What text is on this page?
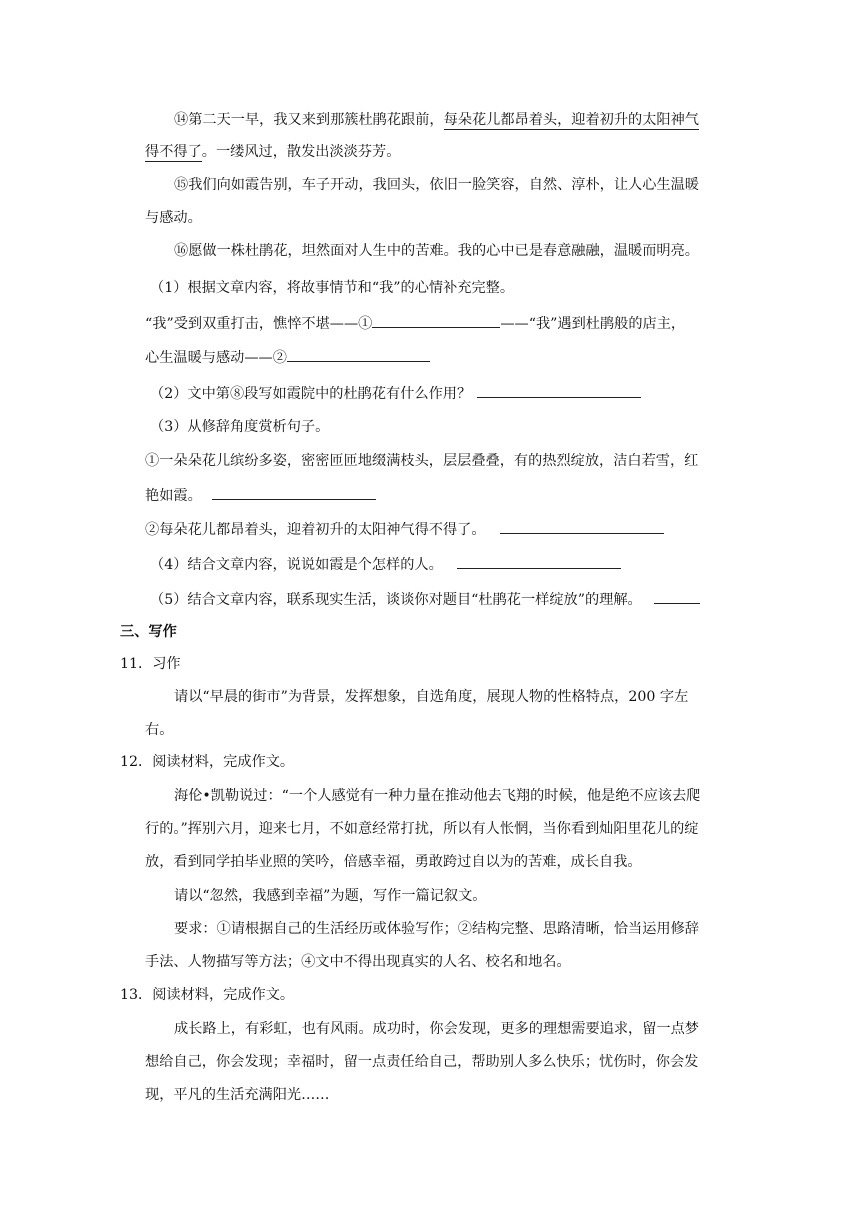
⑭第二天一早，我又来到那簇杜鹃花跟前，每朵花儿都昂着头，迎着初升的太阳神气
得不得了。一缕风过，散发出淡淡芬芳。
⑮我们向如霞告别，车子开动，我回头，依旧一脸笑容，自然、淳朴，让人心生温暖
与感动。
⑯愿做一株杜鹃花，坦然面对人生中的苦难。我的心中已是春意融融，温暖而明亮。
（1）根据文章内容，将故事情节和“我”的心情补充完整。
“我”受到双重打击，憔悴不堪——①	——“我”遇到杜鹃般的店主，
心生温暖与感动——②
（2）文中第⑧段写如霞院中的杜鹃花有什么作用？
（3）从修辞角度赏析句子。
①一朵朵花儿缤纷多姿，密密匝匝地缀满枝头，层层叠叠，有的热烈绽放，洁白若雪，红
艳如霞。
②每朵花儿都昂着头，迎着初升的太阳神气得不得了。
（4）结合文章内容，说说如霞是个怎样的人。
（5）结合文章内容，联系现实生活，谈谈你对题目“杜鹃花一样绽放”的理解。
三、写作
11．习作
请以“早晨的街市”为背景，发挥想象，自选角度，展现人物的性格特点，200 字左
右。
12．阅读材料，完成作文。
海伦•凯勒说过：“一个人感觉有一种力量在推动他去飞翔的时候，他是绝不应该去爬
行的。”挥别六月，迎来七月，不如意经常打扰，所以有人怅惘，当你看到灿阳里花儿的绽
放，看到同学拍毕业照的笑吟，倍感幸福，勇敢跨过自以为的苦难，成长自我。
请以“忽然，我感到幸福”为题，写作一篇记叙文。
要求：①请根据自己的生活经历或体验写作；②结构完整、思路清晰，恰当运用修辞
手法、人物描写等方法；④文中不得出现真实的人名、校名和地名。
13．阅读材料，完成作文。
成长路上，有彩虹，也有风雨。成功时，你会发现，更多的理想需要追求，留一点梦
想给自己，你会发现；幸福时，留一点责任给自己，帮助别人多么快乐；忧伤时，你会发
现，平凡的生活充满阳光……
